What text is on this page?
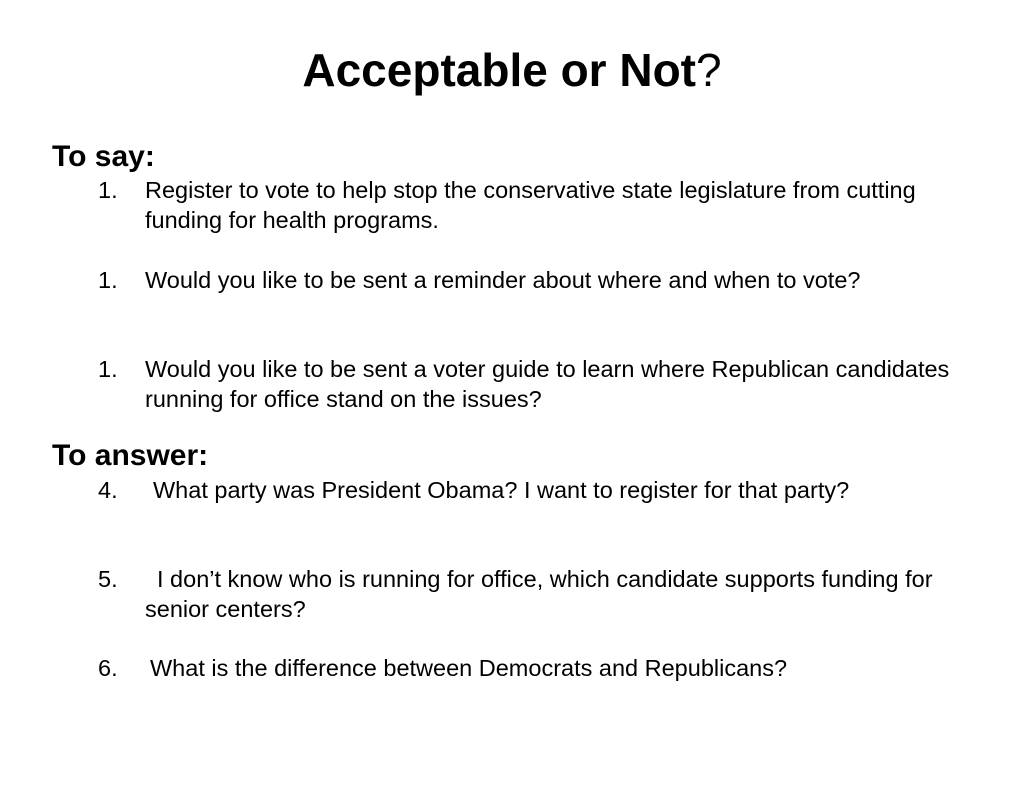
Acceptable or Not?
To say:
1. Register to vote to help stop the conservative state legislature from cutting funding for health programs.
1. Would you like to be sent a reminder about where and when to vote?
1. Would you like to be sent a voter guide to learn where Republican candidates running for office stand on the issues?
To answer:
4.	What party was President Obama? I want to register for that party?
5.	I don’t know who is running for office, which candidate supports funding for senior centers?
6. What is the difference between Democrats and Republicans?
